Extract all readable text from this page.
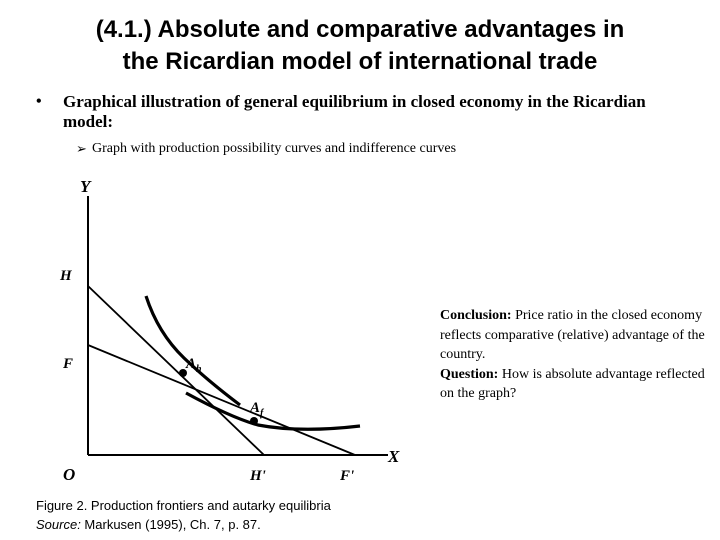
(4.1.) Absolute and comparative advantages in
the Ricardian model of international trade
• Graphical illustration of general equilibrium in closed economy in the Ricardian model:
➢ Graph with production possibility curves and indifference curves
Y
X
O
H
F
H'	F'
$A_h$
$A_f$
Conclusion: Price ratio in the closed economy reflects comparative (relative) advantage of the country.
Question: How is absolute advantage reflected on the graph?
Figure 2. Production frontiers and autarky equilibria
Source: Markusen (1995), Ch. 7, p. 87.
